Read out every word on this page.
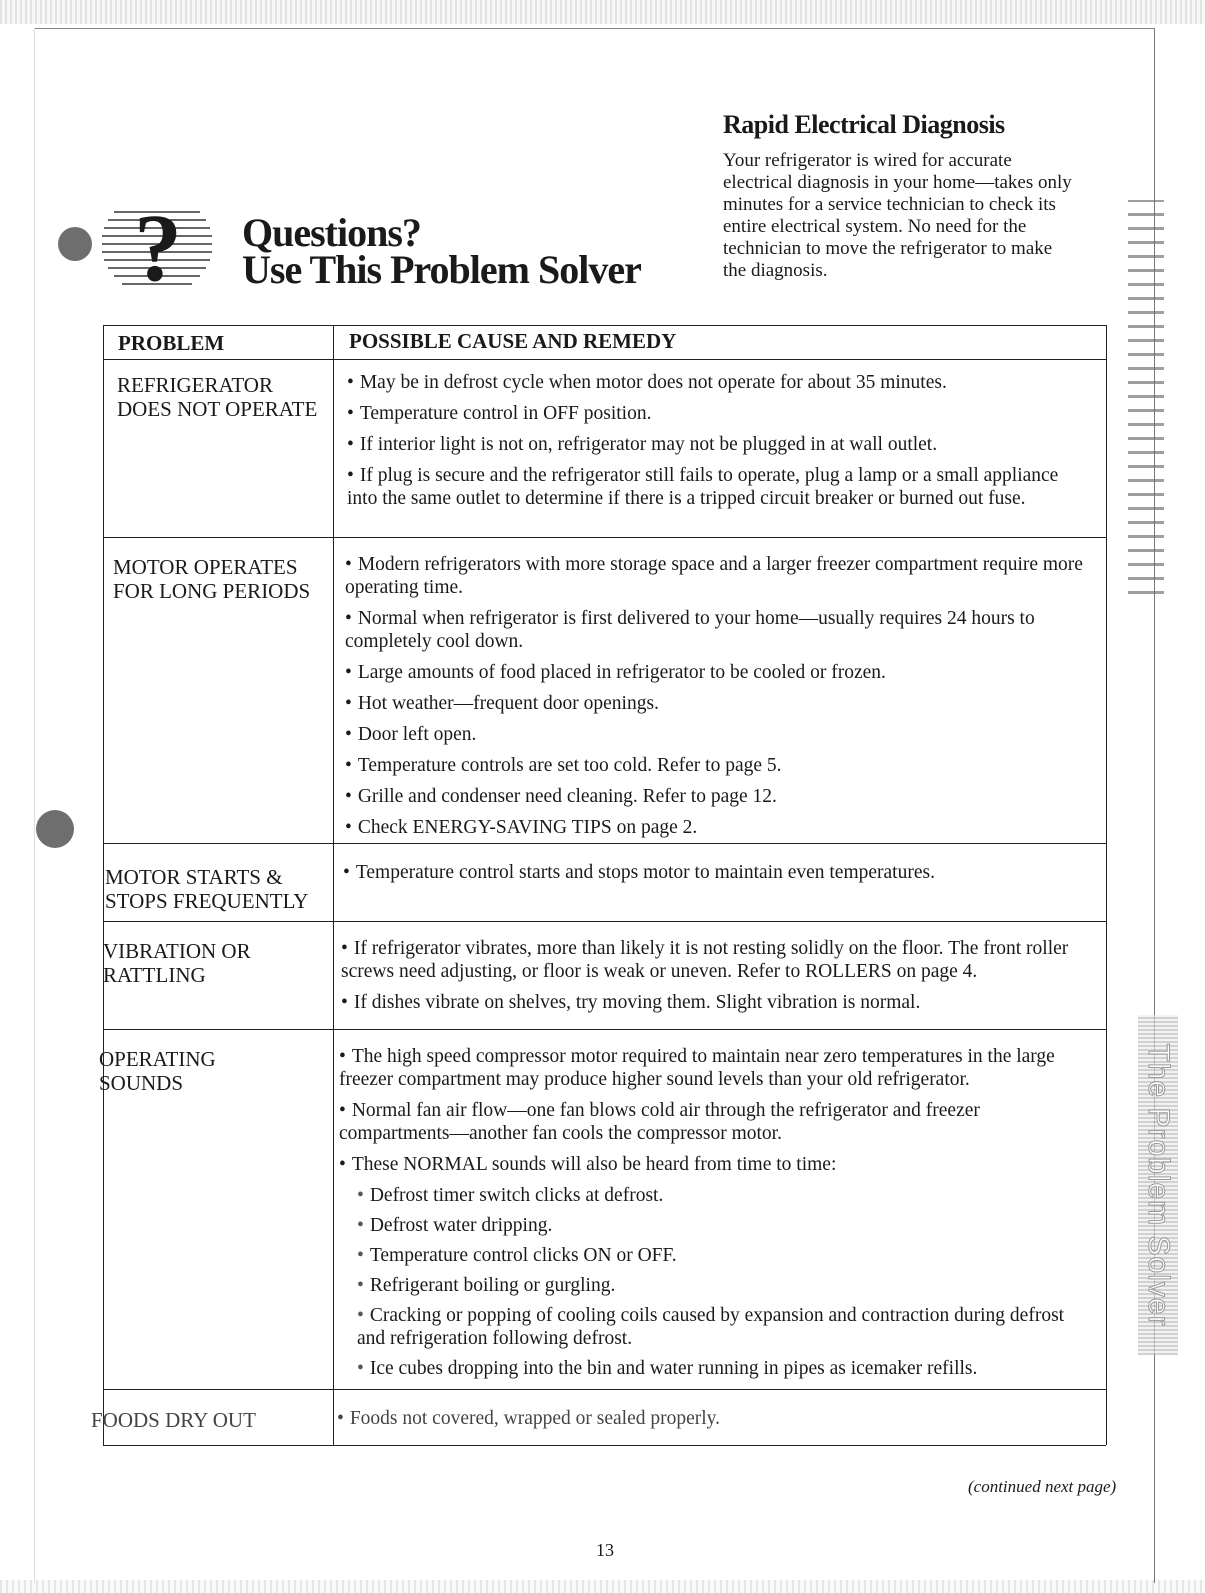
The Problem Solver
? Questions?
Use This Problem Solver
Rapid Electrical Diagnosis
Your refrigerator is wired for accurate electrical diagnosis in your home—takes only minutes for a service technician to check its entire electrical system. No need for the technician to move the refrigerator to make the diagnosis.
PROBLEM	POSSIBLE CAUSE AND REMEDY
REFRIGERATOR
DOES NOT OPERATE
• May be in defrost cycle when motor does not operate for about 35 minutes.
• Temperature control in OFF position.
• If interior light is not on, refrigerator may not be plugged in at wall outlet.
• If plug is secure and the refrigerator still fails to operate, plug a lamp or a small appliance into the same outlet to determine if there is a tripped circuit breaker or burned out fuse.
MOTOR OPERATES
FOR LONG PERIODS
• Modern refrigerators with more storage space and a larger freezer compartment require more operating time.
• Normal when refrigerator is first delivered to your home—usually requires 24 hours to completely cool down.
• Large amounts of food placed in refrigerator to be cooled or frozen.
• Hot weather—frequent door openings.
• Door left open.
• Temperature controls are set too cold. Refer to page 5.
• Grille and condenser need cleaning. Refer to page 12.
• Check ENERGY-SAVING TIPS on page 2.
MOTOR STARTS &
STOPS FREQUENTLY
• Temperature control starts and stops motor to maintain even temperatures.
VIBRATION OR
RATTLING
• If refrigerator vibrates, more than likely it is not resting solidly on the floor. The front roller screws need adjusting, or floor is weak or uneven. Refer to ROLLERS on page 4.
• If dishes vibrate on shelves, try moving them. Slight vibration is normal.
OPERATING
SOUNDS
• The high speed compressor motor required to maintain near zero temperatures in the large freezer compartment may produce higher sound levels than your old refrigerator.
• Normal fan air flow—one fan blows cold air through the refrigerator and freezer compartments—another fan cools the compressor motor.
• These NORMAL sounds will also be heard from time to time:
• Defrost timer switch clicks at defrost.
• Defrost water dripping.
• Temperature control clicks ON or OFF.
• Refrigerant boiling or gurgling.
• Cracking or popping of cooling coils caused by expansion and contraction during defrost and refrigeration following defrost.
• Ice cubes dropping into the bin and water running in pipes as icemaker refills.
FOODS DRY OUT
•	Foods not covered, wrapped or sealed properly.
(continued next page)
13
